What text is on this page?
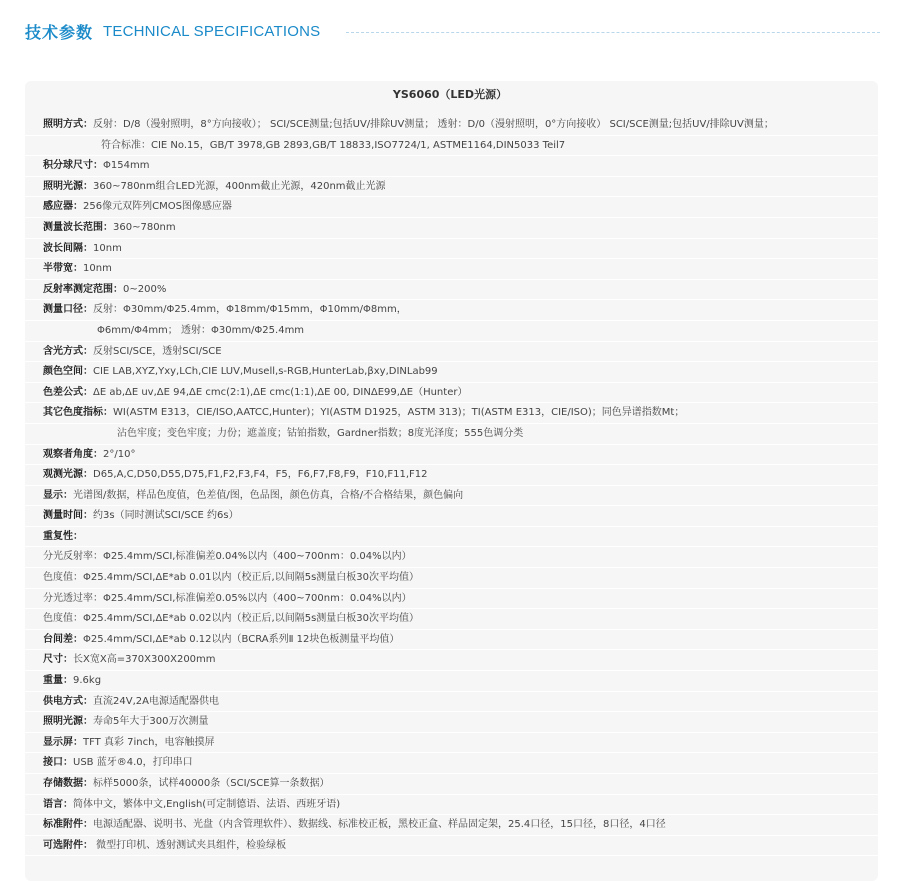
技术参数 TECHNICAL SPECIFICATIONS
YS6060（LED光源）
照明方式：反射：D/8（漫射照明，8°方向接收）； SCI/SCE测量;包括UV/排除UV测量； 透射：D/0（漫射照明，0°方向接收） SCI/SCE测量;包括UV/排除UV测量；
符合标准：CIE No.15，GB/T 3978,GB 2893,GB/T 18833,ISO7724/1, ASTME1164,DIN5033 Teil7
积分球尺寸：Φ154mm
照明光源：360~780nm组合LED光源，400nm截止光源，420nm截止光源
感应器：256像元双阵列CMOS图像感应器
测量波长范围：360~780nm
波长间隔：10nm
半带宽：10nm
反射率测定范围：0~200%
测量口径：反射：Φ30mm/Φ25.4mm，Φ18mm/Φ15mm，Φ10mm/Φ8mm，
Φ6mm/Φ4mm； 透射：Φ30mm/Φ25.4mm
含光方式：反射SCI/SCE，透射SCI/SCE
颜色空间：CIE LAB,XYZ,Yxy,LCh,CIE LUV,Musell,s-RGB,HunterLab,βxy,DINLab99
色差公式：ΔE ab,ΔE uv,ΔE 94,ΔE cmc(2:1),ΔE cmc(1:1),ΔE 00, DINΔE99,ΔE（Hunter）
其它色度指标：WI(ASTM E313，CIE/ISO,AATCC,Hunter)；YI(ASTM D1925，ASTM 313)；TI(ASTM E313，CIE/ISO)；同色异谱指数Mt；
沾色牢度；变色牢度；力份；遮盖度；钴铂指数，Gardner指数；8度光泽度；555色调分类
观察者角度：2°/10°
观测光源：D65,A,C,D50,D55,D75,F1,F2,F3,F4，F5，F6,F7,F8,F9，F10,F11,F12
显示：光谱图/数据，样品色度值，色差值/图，色品图，颜色仿真，合格/不合格结果，颜色偏向
测量时间：约3s（同时测试SCI/SCE 约6s）
重复性：
分光反射率：Φ25.4mm/SCI,标准偏差0.04%以内（400~700nm：0.04%以内）
色度值：Φ25.4mm/SCI,ΔE*ab 0.01以内（校正后,以间隔5s测量白板30次平均值）
分光透过率：Φ25.4mm/SCI,标准偏差0.05%以内（400~700nm：0.04%以内）
色度值：Φ25.4mm/SCI,ΔE*ab 0.02以内（校正后,以间隔5s测量白板30次平均值）
台间差：Φ25.4mm/SCI,ΔE*ab 0.12以内（BCRA系列Ⅱ 12块色板测量平均值）
尺寸：长X宽X高=370X300X200mm
重量：9.6kg
供电方式：直流24V,2A电源适配器供电
照明光源：寿命5年大于300万次测量
显示屏：TFT 真彩 7inch，电容触摸屏
接口：USB 蓝牙®4.0，打印串口
存储数据：标样5000条，试样40000条（SCI/SCE算一条数据）
语言：简体中文，繁体中文,English(可定制德语、法语、西班牙语)
标准附件：电源适配器、说明书、光盘（内含管理软件）、数据线、标准校正板，黑校正盒、样品固定架，25.4口径，15口径，8口径，4口径
可选附件： 微型打印机、透射测试夹具组件，检验绿板
